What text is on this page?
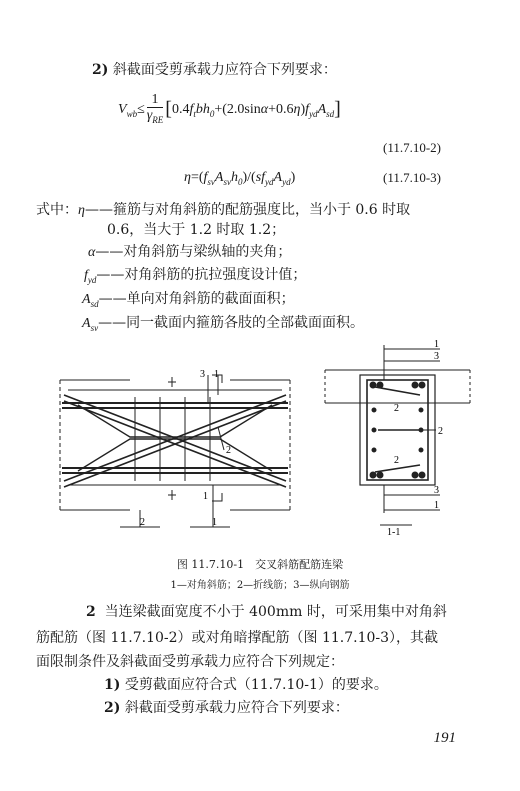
2) 斜截面受剪承载力应符合下列要求：
$V_{wb}\le \frac{1}{\gamma_{RE}} [0.4f_tbh_0+(2.0\sin\alpha+0.6\eta)f_{yd}A_{sd}]$
(11.7.10-2)
$\eta=(f_{sv}A_{sv}h_0)/(sf_{yd}A_{yd})$	(11.7.10-3)
式中：η——箍筋与对角斜筋的配筋强度比，当小于 0.6 时取
0.6，当大于 1.2 时取 1.2；
α——对角斜筋与梁纵轴的夹角；
$f_{yd}——$对角斜筋的抗拉强度设计值；
$A_{sd}——$单向对角斜筋的截面面积；
$A_{sv}——$同一截面内箍筋各肢的全部截面面积。
3 1
2
1
2	1
1
3
2
2
2
3
1
1-1
图 11.7.10-1　交叉斜筋配筋连梁
1—对角斜筋；2—折线筋；3—纵向钢筋
2 当连梁截面宽度不小于 400mm 时，可采用集中对角斜
筋配筋（图 11.7.10-2）或对角暗撑配筋（图 11.7.10-3），其截
面限制条件及斜截面受剪承载力应符合下列规定：
1) 受剪截面应符合式（11.7.10-1）的要求。
2) 斜截面受剪承载力应符合下列要求：
191
